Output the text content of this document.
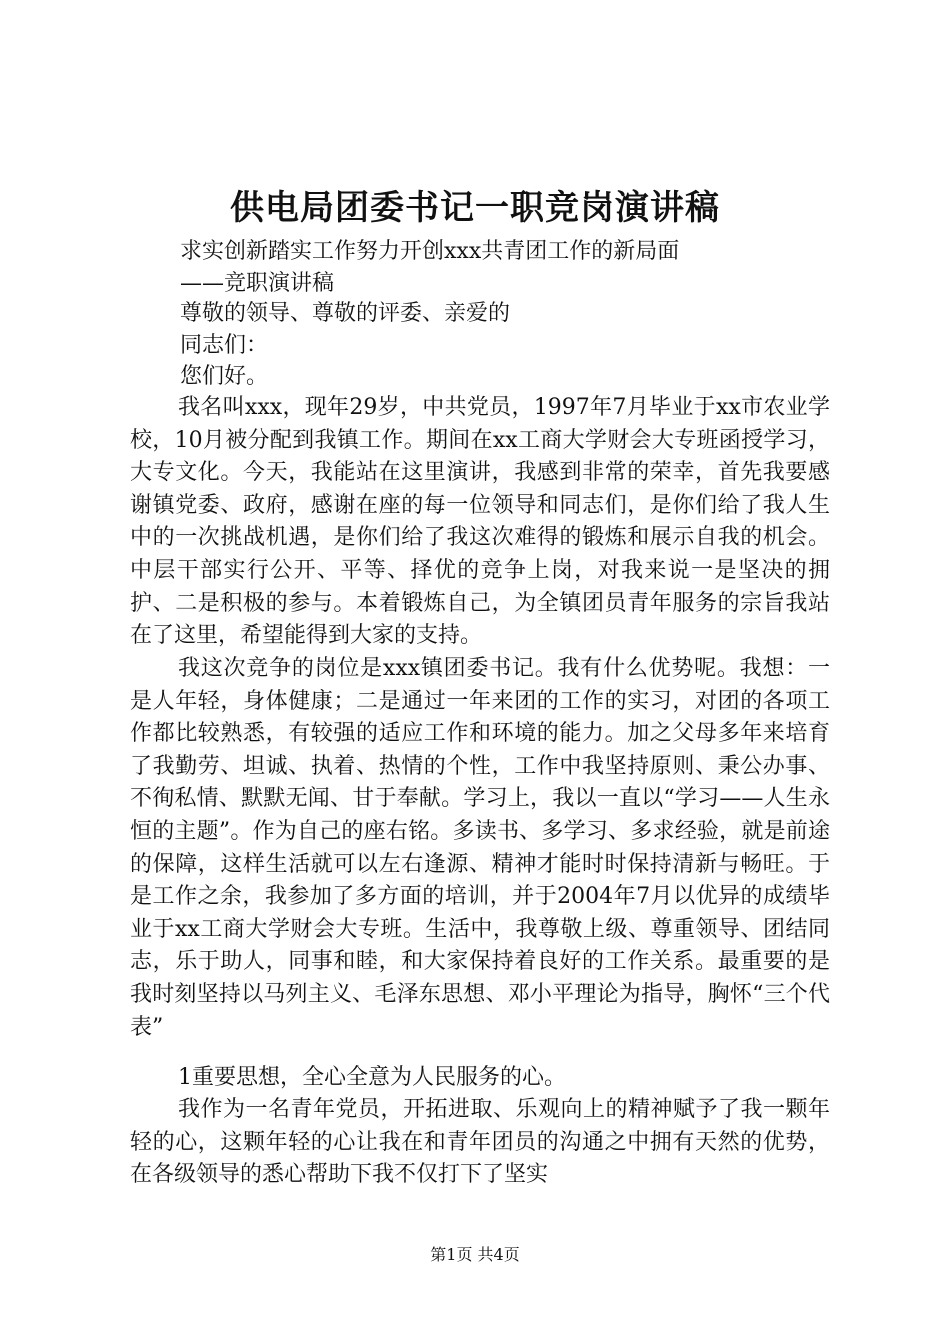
供电局团委书记一职竞岗演讲稿

求实创新踏实工作努力开创xxx共青团工作的新局面

——竞职演讲稿

尊敬的领导、尊敬的评委、亲爱的

同志们：

您们好。

我名叫xxx，现年29岁，中共党员，1997年7月毕业于xx市农业学校，10月被分配到我镇工作。期间在xx工商大学财会大专班函授学习，大专文化。今天，我能站在这里演讲，我感到非常的荣幸，首先我要感谢镇党委、政府，感谢在座的每一位领导和同志们，是你们给了我人生中的一次挑战机遇，是你们给了我这次难得的锻炼和展示自我的机会。中层干部实行公开、平等、择优的竞争上岗，对我来说一是坚决的拥护、二是积极的参与。本着锻炼自己，为全镇团员青年服务的宗旨我站在了这里，希望能得到大家的支持。

我这次竞争的岗位是xxx镇团委书记。我有什么优势呢。我想：一是人年轻，身体健康；二是通过一年来团的工作的实习，对团的各项工作都比较熟悉，有较强的适应工作和环境的能力。加之父母多年来培育了我勤劳、坦诚、执着、热情的个性，工作中我坚持原则、秉公办事、不徇私情、默默无闻、甘于奉献。学习上，我以一直以“学习——人生永恒的主题”。作为自己的座右铭。多读书、多学习、多求经验，就是前途的保障，这样生活就可以左右逢源、精神才能时时保持清新与畅旺。于是工作之余，我参加了多方面的培训，并于2004年7月以优异的成绩毕业于xx工商大学财会大专班。生活中，我尊敬上级、尊重领导、团结同志，乐于助人，同事和睦，和大家保持着良好的工作关系。最重要的是我时刻坚持以马列主义、毛泽东思想、邓小平理论为指导，胸怀“三个代表”

1重要思想，全心全意为人民服务的心。

我作为一名青年党员，开拓进取、乐观向上的精神赋予了我一颗年轻的心，这颗年轻的心让我在和青年团员的沟通之中拥有天然的优势，在各级领导的悉心帮助下我不仅打下了坚实

第1页 共4页
